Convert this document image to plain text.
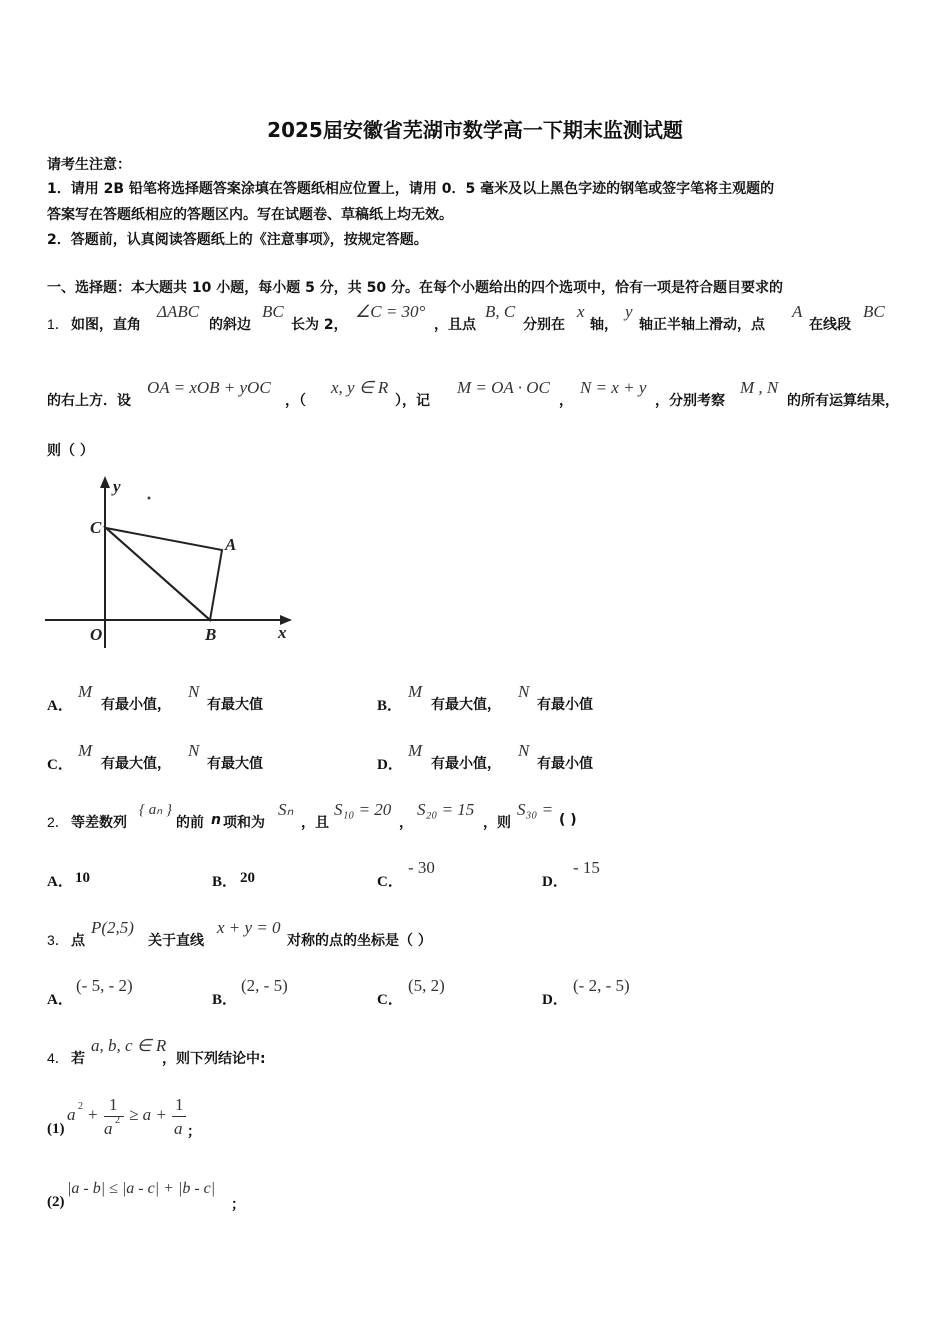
2025届安徽省芜湖市数学高一下期末监测试题
请考生注意：
1．请用 2B 铅笔将选择题答案涂填在答题纸相应位置上，请用 0．5 毫米及以上黑色字迹的钢笔或签字笔将主观题的
答案写在答题纸相应的答题区内。写在试题卷、草稿纸上均无效。
2．答题前，认真阅读答题纸上的《注意事项》，按规定答题。
一、选择题：本大题共 10 小题，每小题 5 分，共 50 分。在每个小题给出的四个选项中，恰有一项是符合题目要求的
1． 如图，直角
ΔABC
的斜边
BC
长为 2，
∠C = 30°
，且点
B, C
分别在
x
轴，
y
轴正半轴上滑动，点
A
在线段
BC
的右上方．设
OA = xOB + yOC
，（
x, y ∈ R
），记
M = OA · OC
，
N = x + y
，分别考察
M , N
的所有运算结果，
则（ ）
y
C
A
O	B	x
A．
M
有最小值，
N
有最大值	B．
M
有最大值，
N
有最小值
C．
M
有最大值，
N
有最大值	D．
M
有最小值，
N
有最小值
2． 等差数列
{ aₙ }
的前 n 项和为
Sₙ
，且
S₁₀ = 20
，
S₂₀ = 15
，则
S₃₀ =
( )
A． 10	B． 20	C．
- 30
D．
- 15
3． 点
P(2,5)
关于直线
x + y = 0
对称的点的坐标是（ ）
A．
(- 5, - 2)
B．
(2, - 5)
C．
(5, 2)
D．
(- 2, - 5)
4． 若
a, b, c ∈ R
，则下列结论中:
(1)
a 2 +
1
a 2 ≥ a +
1
a ；
(2)
|a - b| ≤ |a - c| + |b - c|
；
